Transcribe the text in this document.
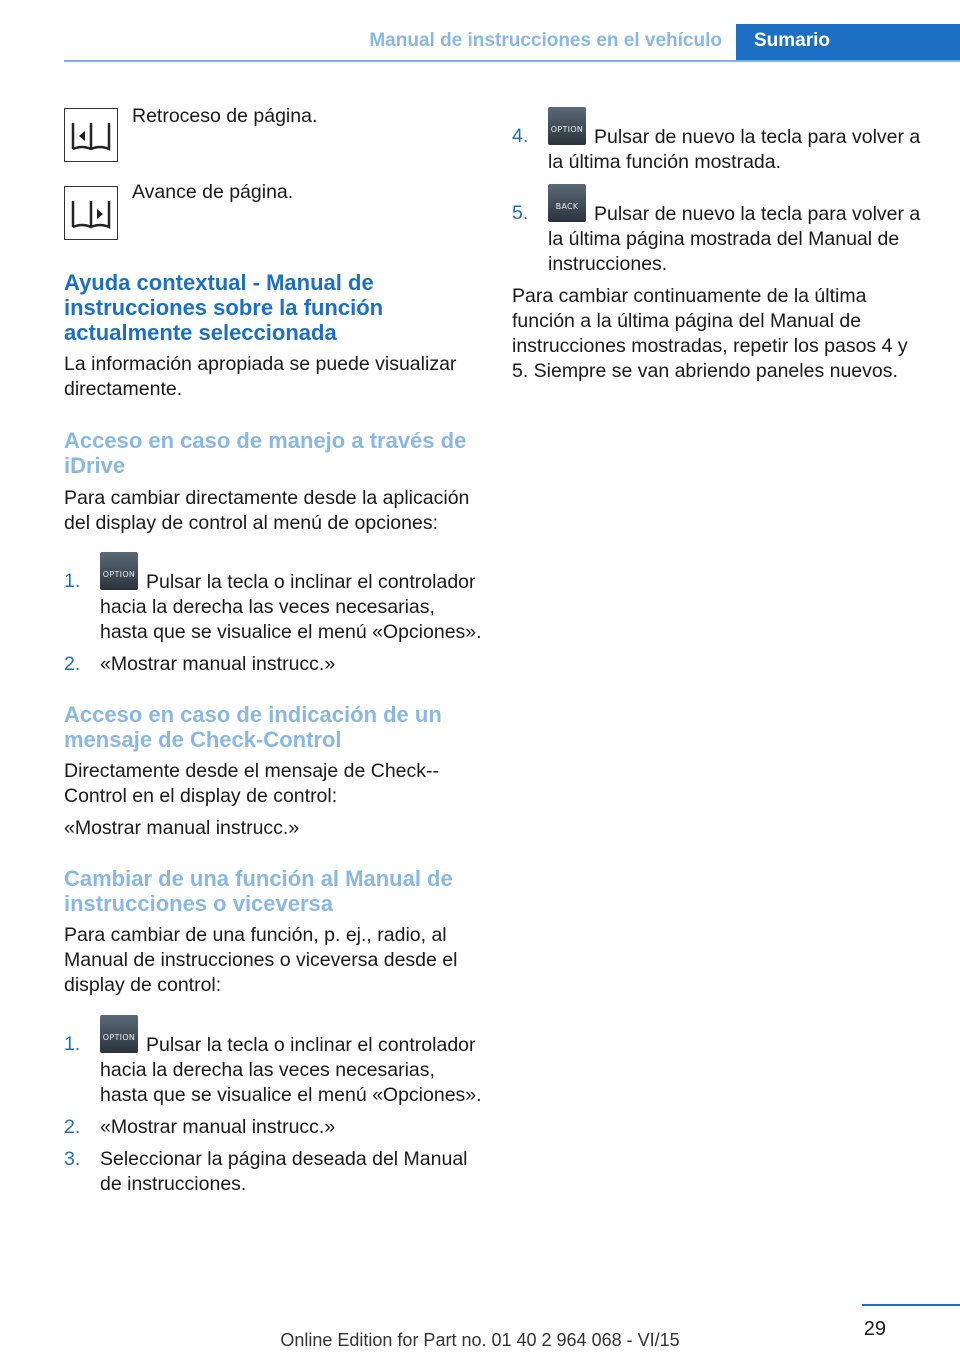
Manual de instrucciones en el vehículo	Sumario

Retroceso de página.

Avance de página.

Ayuda contextual - Manual de instrucciones sobre la función actualmente seleccionada

La información apropiada se puede visualizar directamente.

Acceso en caso de manejo a través de iDrive

Para cambiar directamente desde la aplicación del display de control al menú de opciones:

1.	OPTION Pulsar la tecla o inclinar el controlador hacia la derecha las veces necesarias, hasta que se visualice el menú «Opciones».
2. «Mostrar manual instrucc.»

Acceso en caso de indicación de un mensaje de Check-Control

Directamente desde el mensaje de Check--Control en el display de control:

«Mostrar manual instrucc.»

Cambiar de una función al Manual de instrucciones o viceversa

Para cambiar de una función, p. ej., radio, al Manual de instrucciones o viceversa desde el display de control:

1.	OPTION Pulsar la tecla o inclinar el controlador hacia la derecha las veces necesarias, hasta que se visualice el menú «Opciones».
2. «Mostrar manual instrucc.»
3. Seleccionar la página deseada del Manual de instrucciones.
4.	OPTION Pulsar de nuevo la tecla para volver a la última función mostrada.
5.	BACK Pulsar de nuevo la tecla para volver a la última página mostrada del Manual de instrucciones.

Para cambiar continuamente de la última función a la última página del Manual de instrucciones mostradas, repetir los pasos 4 y 5. Siempre se van abriendo paneles nuevos.

29
Online Edition for Part no. 01 40 2 964 068 - VI/15
